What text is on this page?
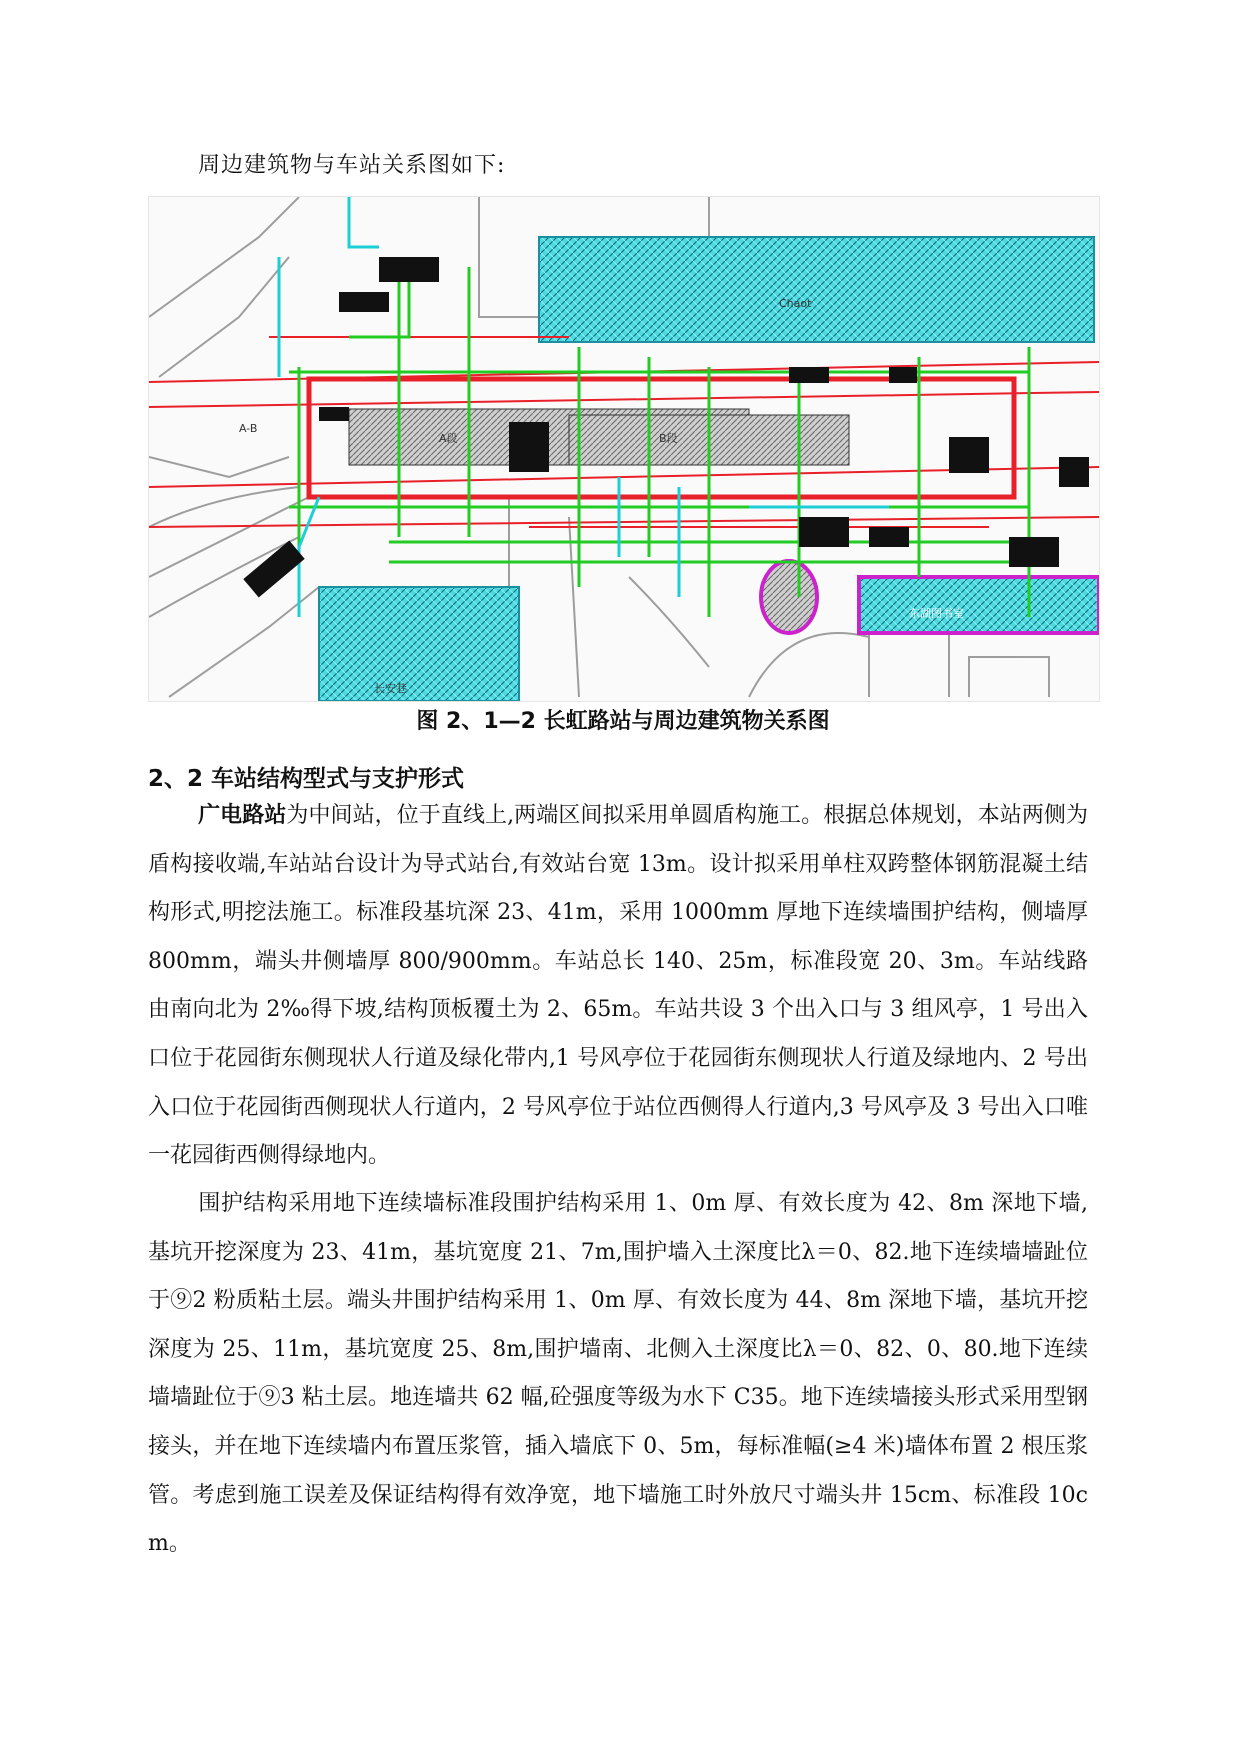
周边建筑物与车站关系图如下:
A段	B段
A-B
Chaot
东湖图书室
长安巷
图 2、1—2 长虹路站与周边建筑物关系图
2、2 车站结构型式与支护形式
广电路站为中间站，位于直线上,两端区间拟采用单圆盾构施工。根据总体规划，本站两侧为盾构接收端,车站站台设计为导式站台,有效站台宽 13m。设计拟采用单柱双跨整体钢筋混凝土结构形式,明挖法施工。标准段基坑深 23、41m，采用 1000mm 厚地下连续墙围护结构，侧墙厚 800mm，端头井侧墙厚 800/900mm。车站总长 140、25m，标准段宽 20、3m。车站线路由南向北为 2‰得下坡,结构顶板覆土为 2、65m。车站共设 3 个出入口与 3 组风亭，1 号出入口位于花园街东侧现状人行道及绿化带内,1 号风亭位于花园街东侧现状人行道及绿地内、2 号出入口位于花园街西侧现状人行道内，2 号风亭位于站位西侧得人行道内,3 号风亭及 3 号出入口唯一花园街西侧得绿地内。
围护结构采用地下连续墙标准段围护结构采用 1、0m 厚、有效长度为 42、8m 深地下墙,基坑开挖深度为 23、41m，基坑宽度 21、7m,围护墙入土深度比λ＝0、82.地下连续墙墙趾位于⑨2 粉质粘土层。端头井围护结构采用 1、0m 厚、有效长度为 44、8m 深地下墙，基坑开挖深度为 25、11m，基坑宽度 25、8m,围护墙南、北侧入土深度比λ＝0、82、0、80.地下连续墙墙趾位于⑨3 粘土层。地连墙共 62 幅,砼强度等级为水下 C35。地下连续墙接头形式采用型钢接头，并在地下连续墙内布置压浆管，插入墙底下 0、5m，每标准幅(≥4 米)墙体布置 2 根压浆管。考虑到施工误差及保证结构得有效净宽，地下墙施工时外放尺寸端头井 15cm、标准段 10cm。
